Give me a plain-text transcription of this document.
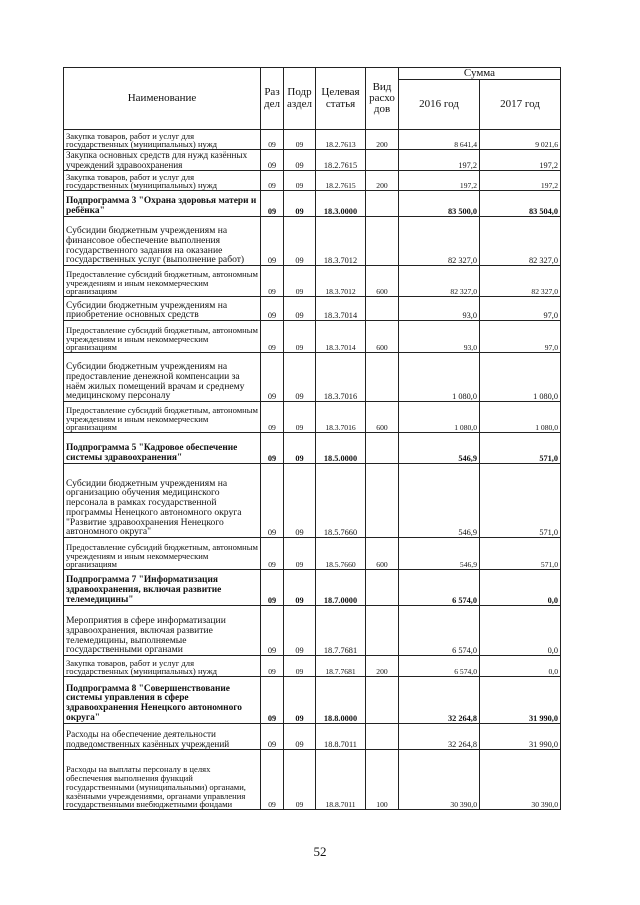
Наименование	Раз дел	Подр аздел	Целевая статья	Вид расхо дов	Сумма	
					2016 год	2017 год
Закупка товаров, работ и услуг для государственных (муниципальных) нужд	09	09	18.2.7613	200	8 641,4	9 021,6
Закупка основных средств для нужд казённых учреждений здравоохранения	09	09	18.2.7615		197,2	197,2
Закупка товаров, работ и услуг для государственных (муниципальных) нужд	09	09	18.2.7615	200	197,2	197,2
Подпрограмма 3 "Охрана здоровья матери и ребёнка"	09	09	18.3.0000		83 500,0	83 504,0
Субсидии бюджетным учреждениям на финансовое обеспечение выполнения государственного задания на оказание государственных услуг (выполнение работ)	09	09	18.3.7012		82 327,0	82 327,0
Предоставление субсидий бюджетным, автономным учреждениям и иным некоммерческим организациям	09	09	18.3.7012	600	82 327,0	82 327,0
Субсидии бюджетным учреждениям на приобретение основных средств	09	09	18.3.7014		93,0	97,0
Предоставление субсидий бюджетным, автономным учреждениям и иным некоммерческим организациям	09	09	18.3.7014	600	93,0	97,0
Субсидии бюджетным учреждениям на предоставление денежной компенсации за наём жилых помещений врачам и среднему медицинскому персоналу	09	09	18.3.7016		1 080,0	1 080,0
Предоставление субсидий бюджетным, автономным учреждениям и иным некоммерческим организациям	09	09	18.3.7016	600	1 080,0	1 080,0
Подпрограмма 5 "Кадровое обеспечение системы здравоохранения"	09	09	18.5.0000		546,9	571,0
Субсидии бюджетным учреждениям на организацию обучения медицинского персонала в рамках государственной программы Ненецкого автономного округа "Развитие здравоохранения Ненецкого автономного округа"	09	09	18.5.7660		546,9	571,0
Предоставление субсидий бюджетным, автономным учреждениям и иным некоммерческим организациям	09	09	18.5.7660	600	546,9	571,0
Подпрограмма 7 "Информатизация здравоохранения, включая развитие телемедицины"	09	09	18.7.0000		6 574,0	0,0
Мероприятия в сфере информатизации здравоохранения, включая развитие телемедицины, выполняемые государственными органами	09	09	18.7.7681		6 574,0	0,0
Закупка товаров, работ и услуг для государственных (муниципальных) нужд	09	09	18.7.7681	200	6 574,0	0,0
Подпрограмма 8 "Совершенствование системы управления в сфере здравоохранения Ненецкого автономного округа"	09	09	18.8.0000		32 264,8	31 990,0
Расходы на обеспечение деятельности подведомственных казённых учреждений	09	09	18.8.7011		32 264,8	31 990,0
Расходы на выплаты персоналу в целях обеспечения выполнения функций государственными (муниципальными) органами, казёнными учреждениями, органами управления государственными внебюджетными фондами	09	09	18.8.7011	100	30 390,0	30 390,0
52
